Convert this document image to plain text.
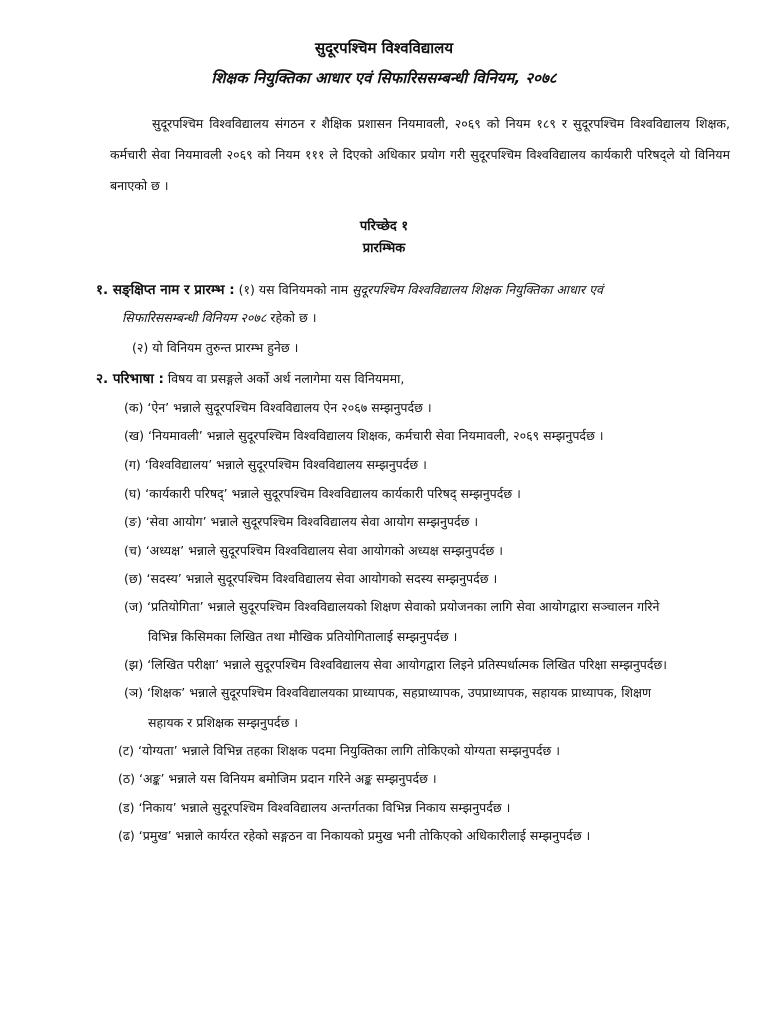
सुदूरपश्चिम विश्वविद्यालय
शिक्षक नियुक्तिका आधार एवं सिफारिससम्बन्धी विनियम, २०७८
सुदूरपश्चिम विश्वविद्यालय संगठन र शैक्षिक प्रशासन नियमावली, २०६९ को नियम १८९ र सुदूरपश्चिम विश्वविद्यालय शिक्षक, कर्मचारी सेवा नियमावली २०६९ को नियम १११ ले दिएको अधिकार प्रयोग गरी सुदूरपश्चिम विश्वविद्यालय कार्यकारी परिषद्ले यो विनियम बनाएको छ ।
परिच्छेद १
प्रारम्भिक
१. सङ्क्षिप्त नाम र प्रारम्भ : (१) यस विनियमको नाम सुदूरपश्चिम विश्वविद्यालय शिक्षक नियुक्तिका आधार एवं
सिफारिससम्बन्धी विनियम २०७८ रहेको छ ।
(२) यो विनियम तुरुन्त प्रारम्भ हुनेछ ।
२. परिभाषा : विषय वा प्रसङ्गले अर्को अर्थ नलागेमा यस विनियममा,
(क) ‘ऐन’ भन्नाले सुदूरपश्चिम विश्वविद्यालय ऐन २०६७ सम्झनुपर्दछ ।
(ख) ‘नियमावली’ भन्नाले सुदूरपश्चिम विश्वविद्यालय शिक्षक, कर्मचारी सेवा नियमावली, २०६९ सम्झनुपर्दछ ।
(ग) ‘विश्वविद्यालय’ भन्नाले सुदूरपश्चिम विश्वविद्यालय सम्झनुपर्दछ ।
(घ) ‘कार्यकारी परिषद्’ भन्नाले सुदूरपश्चिम विश्वविद्यालय कार्यकारी परिषद् सम्झनुपर्दछ ।
(ङ) ‘सेवा आयोग’ भन्नाले सुदूरपश्चिम विश्वविद्यालय सेवा आयोग सम्झनुपर्दछ ।
(च) ‘अध्यक्ष’ भन्नाले सुदूरपश्चिम विश्वविद्यालय सेवा आयोगको अध्यक्ष सम्झनुपर्दछ ।
(छ) ‘सदस्य’ भन्नाले सुदूरपश्चिम विश्वविद्यालय सेवा आयोगको सदस्य सम्झनुपर्दछ ।
(ज) ‘प्रतियोगिता’ भन्नाले सुदूरपश्चिम विश्वविद्यालयको शिक्षण सेवाको प्रयोजनका लागि सेवा आयोगद्वारा सञ्चालन गरिने
विभिन्न किसिमका लिखित तथा मौखिक प्रतियोगितालाई सम्झनुपर्दछ ।
(झ) ‘लिखित परीक्षा’ भन्नाले सुदूरपश्चिम विश्वविद्यालय सेवा आयोगद्वारा लिइने प्रतिस्पर्धात्मक लिखित परिक्षा सम्झनुपर्दछ।
(ञ) ‘शिक्षक’ भन्नाले सुदूरपश्चिम विश्वविद्यालयका प्राध्यापक, सहप्राध्यापक, उपप्राध्यापक, सहायक प्राध्यापक, शिक्षण
सहायक र प्रशिक्षक सम्झनुपर्दछ ।
(ट) ‘योग्यता’ भन्नाले विभिन्न तहका शिक्षक पदमा नियुक्तिका लागि तोकिएको योग्यता सम्झनुपर्दछ ।
(ठ) ‘अङ्क’ भन्नाले यस विनियम बमोजिम प्रदान गरिने अङ्क सम्झनुपर्दछ ।
(ड) ‘निकाय’ भन्नाले सुदूरपश्चिम विश्वविद्यालय अन्तर्गतका विभिन्न निकाय सम्झनुपर्दछ ।
(ढ) ‘प्रमुख’ भन्नाले कार्यरत रहेको सङ्गठन वा निकायको प्रमुख भनी तोकिएको अधिकारीलाई सम्झनुपर्दछ ।
